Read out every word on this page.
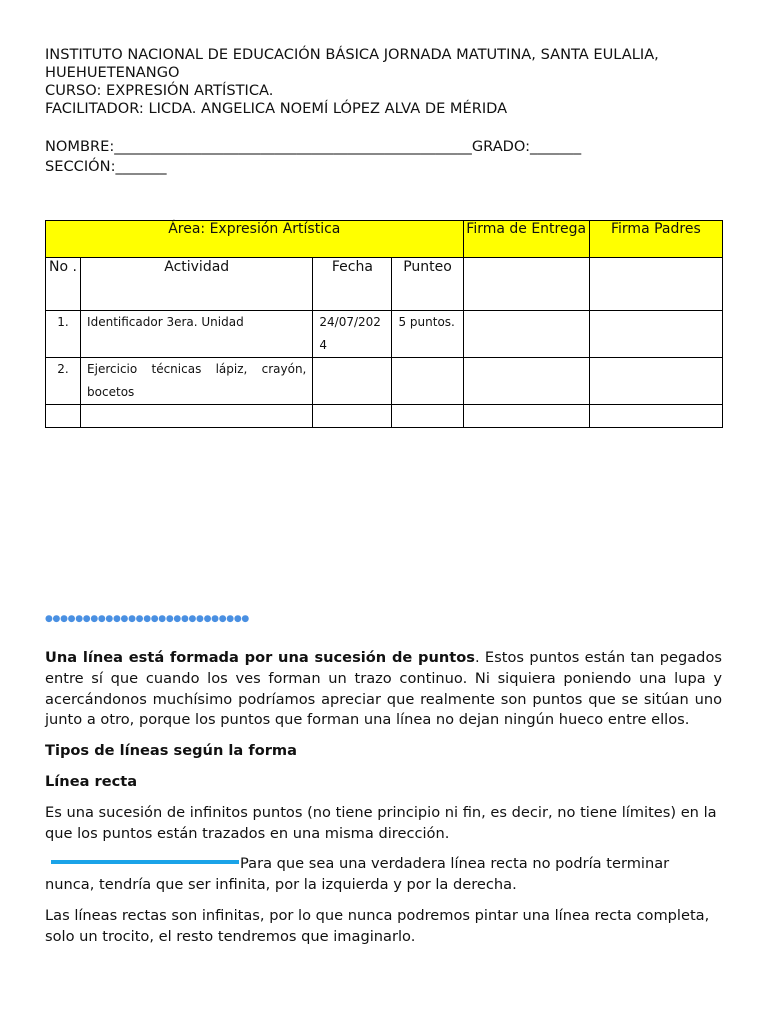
INSTITUTO NACIONAL DE EDUCACIÓN BÁSICA JORNADA MATUTINA, SANTA EULALIA, HUEHUETENANGO
CURSO: EXPRESIÓN ARTÍSTICA.
FACILITADOR: LICDA. ANGELICA NOEMÍ LÓPEZ ALVA DE MÉRIDA
NOMBRE:_________________________________________________GRADO:_______
SECCIÓN:_______
Área: Expresión Artística				Firma de Entrega	Firma Padres
No .	Actividad	Fecha	Punteo		
1.	Identificador 3era. Unidad	24/07/2024	5 puntos.		
2.	Ejercicio técnicas lápiz, crayón, bocetos				

●●●●●●●●●●●●●●●●●●●●●●●●●●●

Una línea está formada por una sucesión de puntos. Estos puntos están tan pegados entre sí que cuando los ves forman un trazo continuo. Ni siquiera poniendo una lupa y acercándonos muchísimo podríamos apreciar que realmente son puntos que se sitúan uno junto a otro, porque los puntos que forman una línea no dejan ningún hueco entre ellos.

Tipos de líneas según la forma
Línea recta

Es una sucesión de infinitos puntos (no tiene principio ni fin, es decir, no tiene límites) en la que los puntos están trazados en una misma dirección.

Para que sea una verdadera línea recta no podría terminar nunca, tendría que ser infinita, por la izquierda y por la derecha.

Las líneas rectas son infinitas, por lo que nunca podremos pintar una línea recta completa, solo un trocito, el resto tendremos que imaginarlo.
